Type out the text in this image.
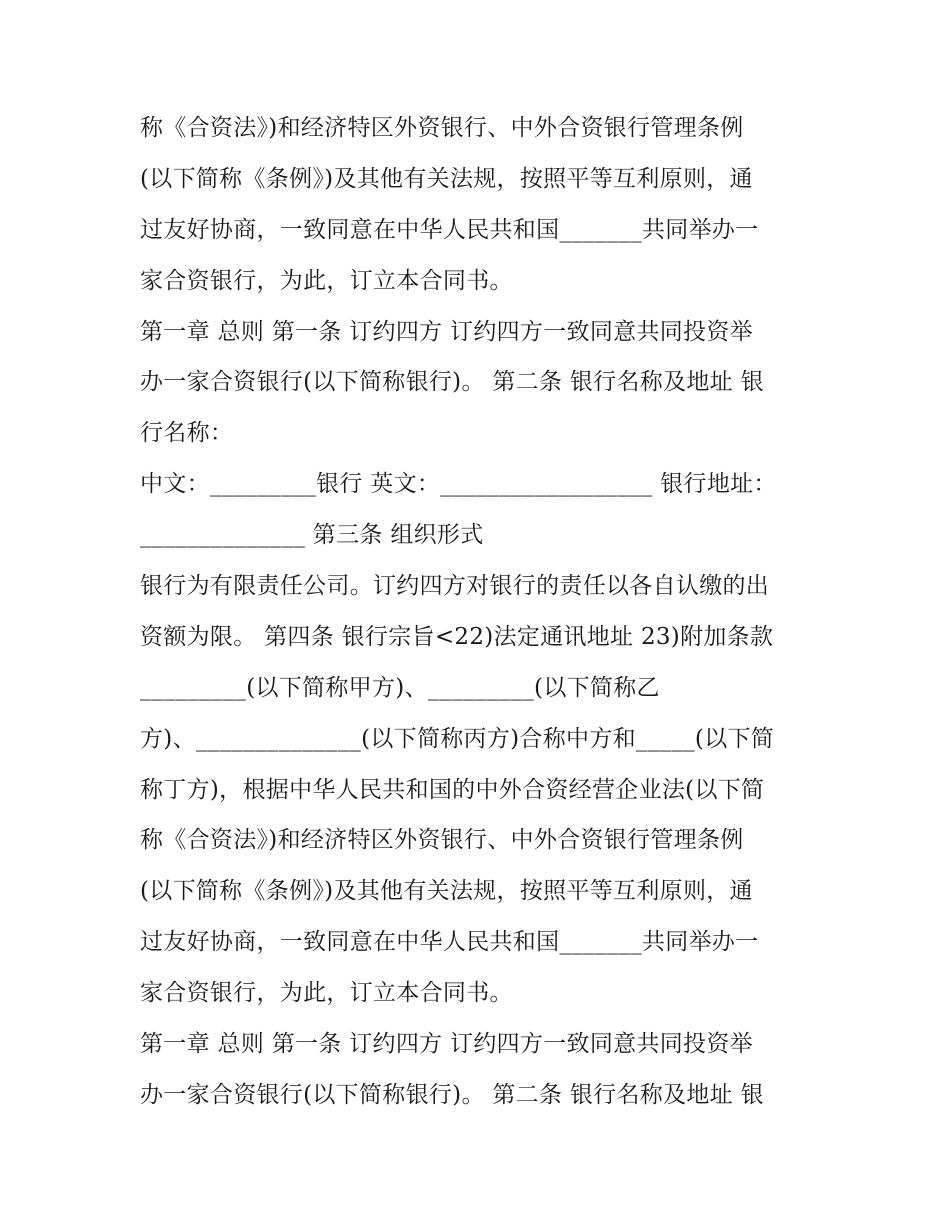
称《合资法》)和经济特区外资银行、中外合资银行管理条例
(以下简称《条例》)及其他有关法规，按照平等互利原则，通
过友好协商，一致同意在中华人民共和国_______共同举办一
家合资银行，为此，订立本合同书。
第一章 总则 第一条 订约四方 订约四方一致同意共同投资举
办一家合资银行(以下简称银行)。 第二条 银行名称及地址 银
行名称：
中文：_________银行 英文：__________________ 银行地址：
______________ 第三条 组织形式
银行为有限责任公司。订约四方对银行的责任以各自认缴的出
资额为限。 第四条 银行宗旨<22)法定通讯地址 23)附加条款
_________(以下简称甲方)、_________(以下简称乙
方)、______________(以下简称丙方)合称中方和_____(以下简
称丁方)，根据中华人民共和国的中外合资经营企业法(以下简
称《合资法》)和经济特区外资银行、中外合资银行管理条例
(以下简称《条例》)及其他有关法规，按照平等互利原则，通
过友好协商，一致同意在中华人民共和国_______共同举办一
家合资银行，为此，订立本合同书。
第一章 总则 第一条 订约四方 订约四方一致同意共同投资举
办一家合资银行(以下简称银行)。 第二条 银行名称及地址 银
